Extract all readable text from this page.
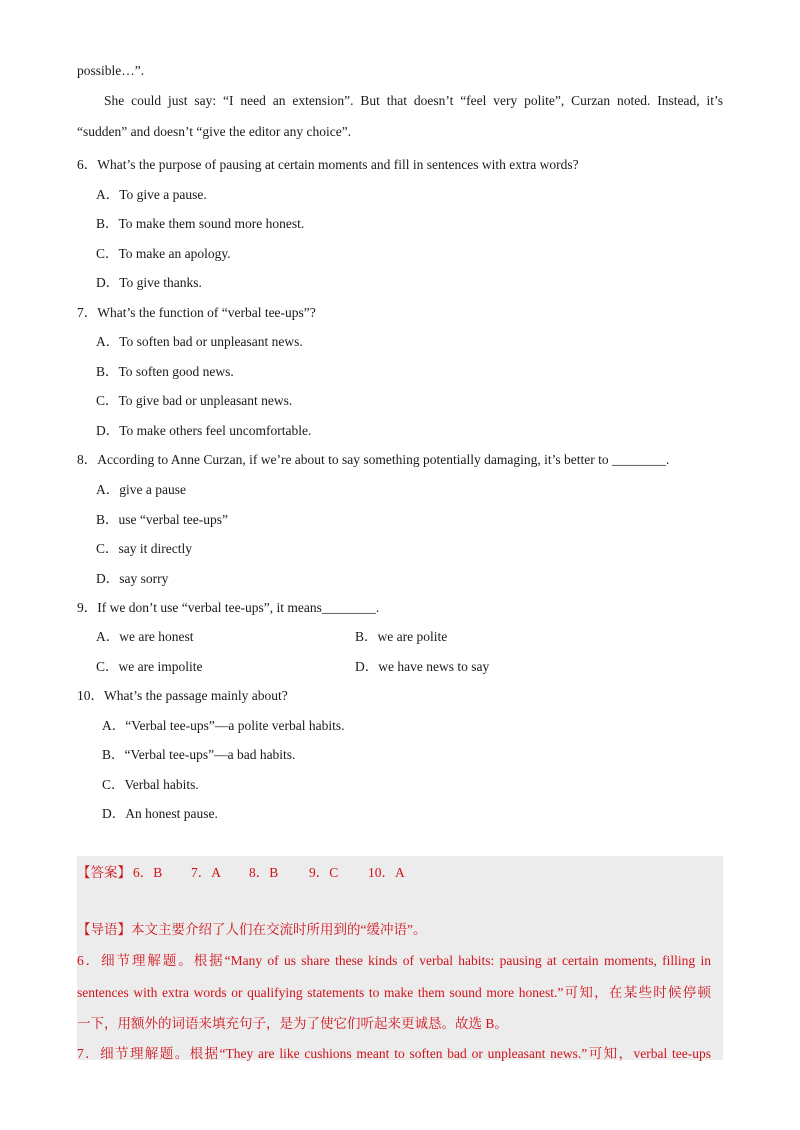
possible…”.
She could just say: “I need an extension”. But that doesn’t “feel very polite”, Curzan noted. Instead, it’s
“sudden” and doesn’t “give the editor any choice”.
6．What’s the purpose of pausing at certain moments and fill in sentences with extra words?
A．To give a pause.
B．To make them sound more honest.
C．To make an apology.
D．To give thanks.
7．What’s the function of “verbal tee-ups”?
A．To soften bad or unpleasant news.
B．To soften good news.
C．To give bad or unpleasant news.
D．To make others feel uncomfortable.
8．According to Anne Curzan, if we’re about to say something potentially damaging, it’s better to ________.
A．give a pause
B．use “verbal tee-ups”
C．say it directly
D．say sorry
9．If we don’t use “verbal tee-ups”, it means________.
A．we are honest	B．we are polite
C．we are impolite	D．we have news to say
10．What’s the passage mainly about?
A．“Verbal tee-ups”—a polite verbal habits.
B．“Verbal tee-ups”—a bad habits.
C．Verbal habits.
D．An honest pause.
【答案】 6．B 7．A 8．B 9．C 10．A
【导语】本文主要介绍了人们在交流时所用到的“缓冲语”。
6．细节理解题。根据“Many of us share these kinds of verbal habits: pausing at certain moments, filling in
sentences with extra words or qualifying statements to make them sound more honest.”可知，在某些时候停顿
一下，用额外的词语来填充句子，是为了使它们听起来更诚恳。故选 B。
7．细节理解题。根据“They are like cushions meant to soften bad or unpleasant news.”可知，verbal tee-ups
